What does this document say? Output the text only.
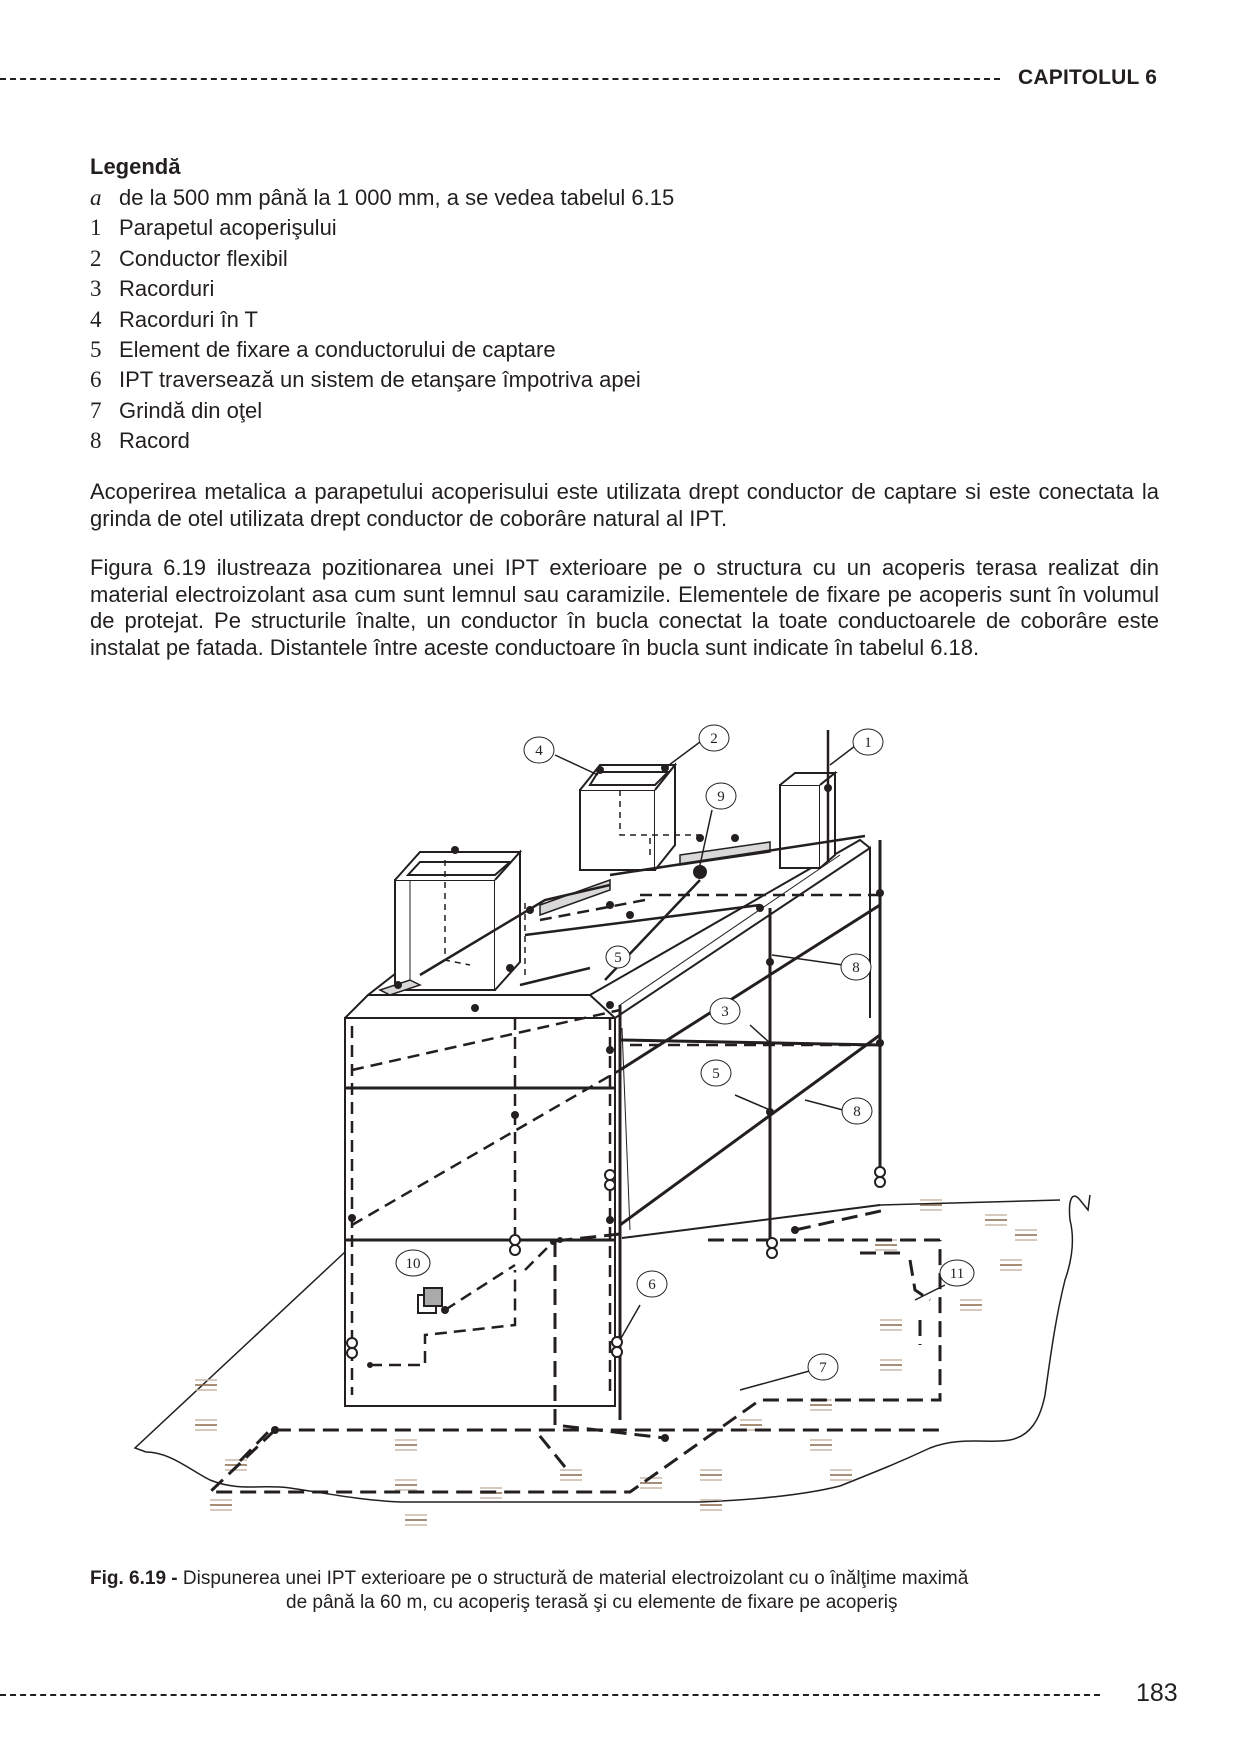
CAPITOLUL 6
Legendă
a de la 500 mm până la 1 000 mm, a se vedea tabelul 6.15
1 Parapetul acoperişului
2 Conductor flexibil
3 Racorduri
4 Racorduri în T
5 Element de fixare a conductorului de captare
6 IPT traversează un sistem de etanşare împotriva apei
7 Grindă din oţel
8 Racord

Acoperirea metalica a parapetului acoperisului este utilizata drept conductor de captare si este conectata la grinda de otel utilizata drept conductor de coborâre natural al IPT.

Figura 6.19 ilustreaza pozitionarea unei IPT exterioare pe o structura cu un acoperis terasa realizat din material electroizolant asa cum sunt lemnul sau caramizile. Elementele de fixare pe acoperis sunt în volumul de protejat. Pe structurile înalte, un conductor în bucla conectat la toate conductoarele de coborâre este instalat pe fatada. Distantele între aceste conductoare în bucla sunt indicate în tabelul 6.18.

1
2
3
4
5
5
6
7
8
8
9
10
11
Fig. 6.19 - Dispunerea unei IPT exterioare pe o structură de material electroizolant cu o înălţime maximă
de până la 60 m, cu acoperiş terasă şi cu elemente de fixare pe acoperiş
183
